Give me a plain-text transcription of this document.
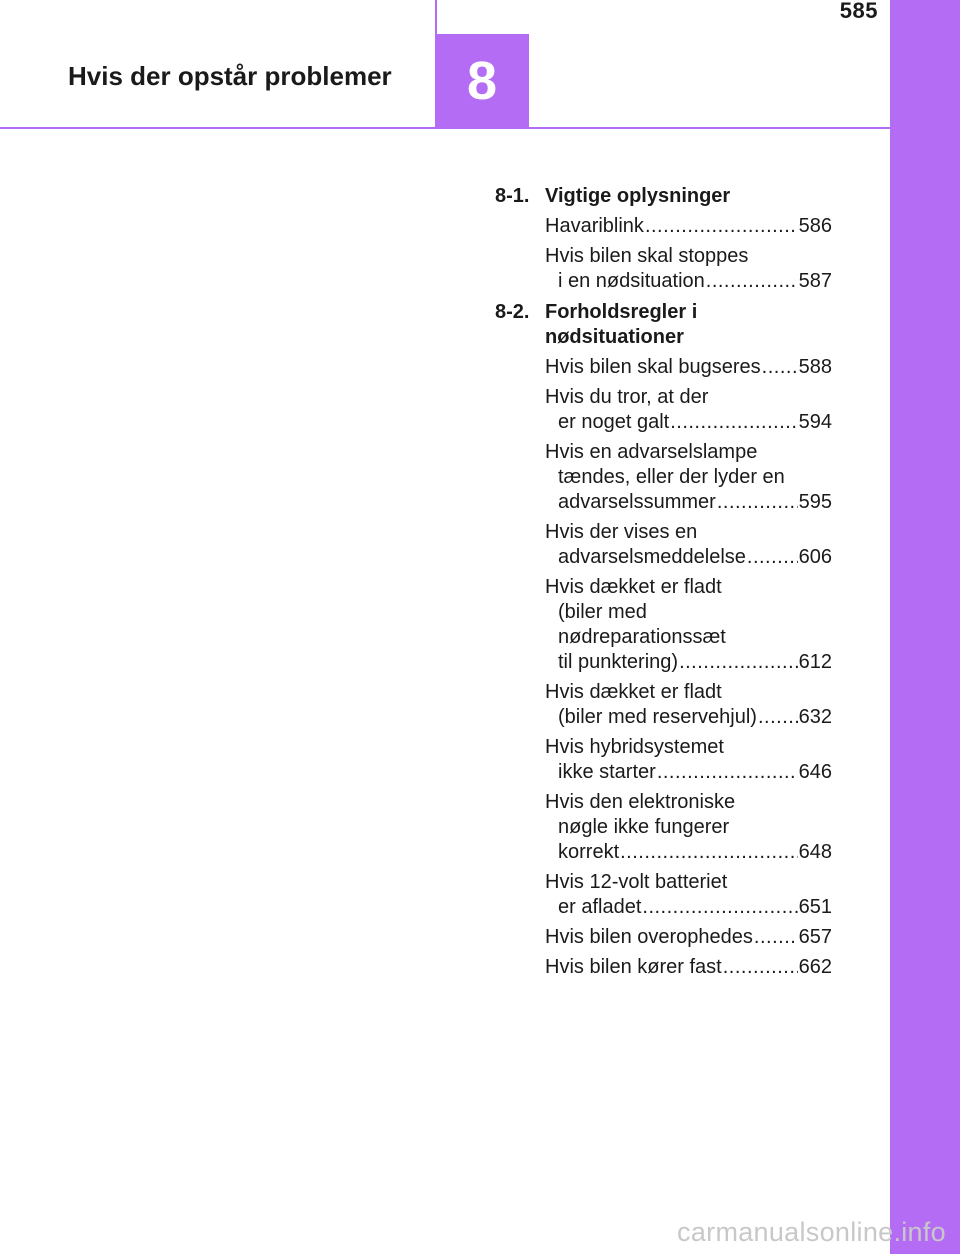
585
Hvis der opstår problemer	8
8-1. Vigtige oplysninger
Havariblink .....	586
Hvis bilen skal stoppes
i en nødsituation .....	587
8-2. Forholdsregler i
nødsituationer
Hvis bilen skal bugseres ..... 588
Hvis du tror, at der
er noget galt .....	594
Hvis en advarselslampe
tændes, eller der lyder en
advarselssummer .....	595
Hvis der vises en
advarselsmeddelelse .....	606
Hvis dækket er fladt
(biler med
nødreparationssæt
til punktering) .....	612
Hvis dækket er fladt
(biler med reservehjul) ..... 632
Hvis hybridsystemet
ikke starter .....	646
Hvis den elektroniske
nøgle ikke fungerer
korrekt .....	648
Hvis 12-volt batteriet
er afladet .....	651
Hvis bilen overophedes ..... 657
Hvis bilen kører fast .....	662
carmanualsonline.info
